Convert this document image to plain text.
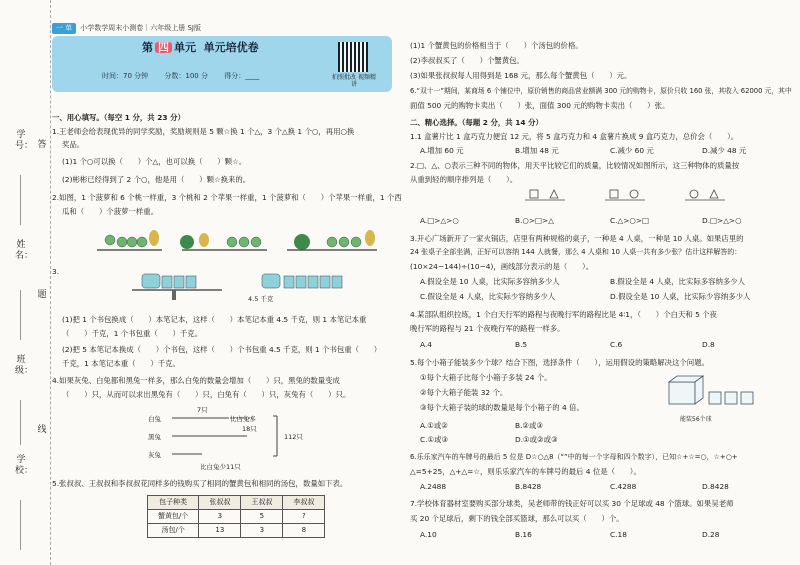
学号：
姓名：
班级：
学校：
答
题
线
一 单 小学数学周末小测卷｜六年级上册 SJ版
第 四 单元 单元培优卷
时间：70 分钟 分数：100 分 得分：____	拍照批改 视频精讲
一、用心填写。（每空 1 分，共 23 分）
1.王老师会给表现优异的同学奖励，奖励规则是 5 颗☆换 1 个△，3 个△换 1 个○，再用○换
奖品。
(1)1 个○可以换（　　）个△，也可以换（　　）颗☆。
(2)彬彬已经得到了 2 个○，他是用（　　）颗☆换来的。
2.如图，1 个菠萝和 6 个桃一样重，3 个桃和 2 个苹果一样重，1 个菠萝和（　　）个苹果一样重，1 个西
瓜和（　　）个菠萝一样重。
3.
4.5 千克
(1)把 1 个书包换成（　　）本笔记本，这样（　　）本笔记本重 4.5 千克，则 1 本笔记本重
（　　）千克，1 个书包重（　　）千克。
(2)把 5 本笔记本换成（　　）个书包，这样（　　）个书包重 4.5 千克，则 1 个书包重（　　）
千克，1 本笔记本重（　　）千克。
4.如果灰兔、白兔都和黑兔一样多，那么白兔的数量会增加（　　）只，黑兔的数量变成
（　　）只，从而可以求出黑兔有（　　）只，白兔有（　　）只，灰兔有（　　）只。
7只
白兔	比白兔多
18只
黑兔	112只
灰兔
比白兔少11只
5.张叔叔、王叔叔和李叔叔花同样多的钱购买了相同的蟹黄包和相同的汤包，数量如下表。
包子种类	张叔叔	王叔叔	李叔叔
蟹黄包/个	3	5	?
汤包/个	13	3	8
(1)1 个蟹黄包的价格相当于（　　）个汤包的价格。
(2)李叔叔买了（　　）个蟹黄包。
(3)如果张叔叔每人用得到是 168 元，那么每个蟹黄包（　　）元。
6.“双十一”期间，某商场 6 个铺位中，原价销售的商品营业额满 300 元的购物卡，原价只收 160 张，其收入 62000 元，其中
面值 500 元的购物卡卖出（　　）张，面值 300 元的购物卡卖出（　　）张。
二、精心选择。（每题 2 分，共 14 分）
1.1 盒薯片比 1 盒巧克力便宜 12 元，将 5 盒巧克力和 4 盒薯片换成 9 盒巧克力，总价会（　　）。
A.增加 60 元	B.增加 48 元	C.减少 60 元	D.减少 48 元
2.□、△、○表示三种不同的物体，用天平比较它们的质量，比较情况如图所示，这三种物体的质量按
从重到轻的顺序排列是（　　）。
A.□>△>○	B.○>□>△	C.△>○>□	D.□>△>○
3.开心广场新开了一家火锅店，店里有两种规格的桌子，一种是 4 人桌，一种是 10 人桌。如果店里的
24 张桌子全部坐满，正好可以容纳 144 人就餐，那么 4 人桌和 10 人桌一共有多少张？估计这样解答的：
(10×24−144)÷(10−4)，画线部分表示的是（　　）。
A.假设全是 10 人桌，比实际多容纳多少人	B.假设全是 4 人桌，比实际多容纳多少人
C.假设全是 4 人桌，比实际少容纳多少人	D.假设全是 10 人桌，比实际少容纳多少人
4.某部队组织拉练，1 个白天行军的路程与夜晚行军的路程比是 4∶1，（　　）个白天和 5 个夜
晚行军的路程与 21 个夜晚行军的路程一样多。
A.4	B.5	C.6	D.8
5.每个小箱子能装多少个球？结合下图，选择条件（　　），运用假设的策略解决这个问题。
①每个大箱子比每个小箱子多装 24 个。
②每个大箱子能装 32 个。
③每个大箱子装的球的数量是每个小箱子的 4 倍。
能装56个球
A.①或②	B.②或③
C.①或③	D.①或②或③
6.乐乐家汽车的车牌号的最后 5 位是 D☆○△8（“”中的每一个字母和四个数字），已知☆+☆=○，☆+○+
△=5+25，△+△=☆，则乐乐家汽车的车牌号的最后 4 位是（　　）。
A.2488	B.8428	C.4288	D.8428
7.学校体育器材室要购买部分球类，吴老师带的钱正好可以买 30 个足球或 48 个篮球。如果吴老师
买 20 个足球后，剩下的钱全部买篮球，那么可以买（　　）个。
A.10	B.16	C.18	D.28
